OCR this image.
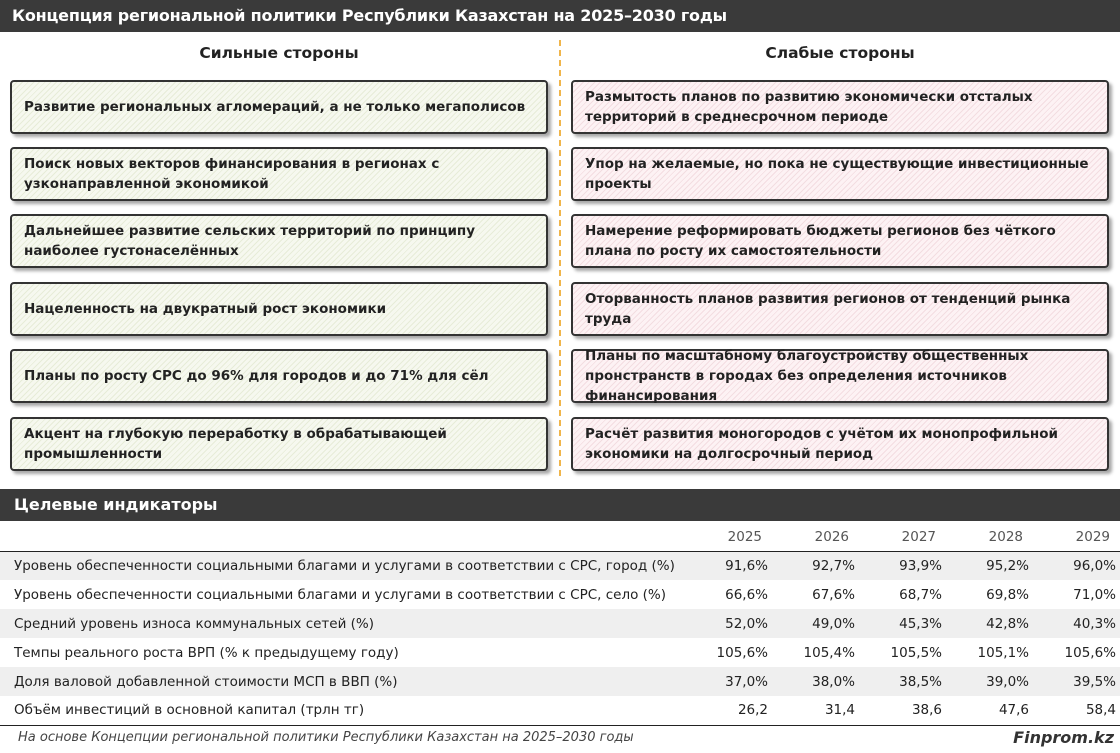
Концепция региональной политики Республики Казахстан на 2025–2030 годы
Сильные стороны	Слабые стороны
Развитие региональных агломераций, а не только мегаполисов
Поиск новых векторов финансирования в регионах с узконаправленной экономикой
Дальнейшее развитие сельских территорий по принципу наиболее густонаселённых
Нацеленность на двукратный рост экономики
Планы по росту СРС до 96% для городов и до 71% для сёл
Акцент на глубокую переработку в обрабатывающей промышленности
Размытость планов по развитию экономически отсталых территорий в среднесрочном периоде
Упор на желаемые, но пока не существующие инвестиционные проекты
Намерение реформировать бюджеты регионов без чёткого плана по росту их самостоятельности
Оторванность планов развития регионов от тенденций рынка труда
Планы по масштабному благоустройству общественных пронстранств в городах без определения источников финансирования
Расчёт развития моногородов с учётом их монопрофильной экономики на долгосрочный период
Целевые индикаторы
	2025	2026	2027	2028	2029
Уровень обеспеченности социальными благами и услугами в соответствии с СРС, город (%)	91,6%	92,7%	93,9%	95,2%	96,0%
Уровень обеспеченности социальными благами и услугами в соответствии с СРС, село (%)	66,6%	67,6%	68,7%	69,8%	71,0%
Средний уровень износа коммунальных сетей (%)	52,0%	49,0%	45,3%	42,8%	40,3%
Темпы реального роста ВРП (% к предыдущему году)	105,6%	105,4%	105,5%	105,1%	105,6%
Доля валовой добавленной стоимости МСП в ВВП (%)	37,0%	38,0%	38,5%	39,0%	39,5%
Объём инвестиций в основной капитал (трлн тг)	26,2	31,4	38,6	47,6	58,4
На основе Концепции региональной политики Республики Казахстан на 2025–2030 годы	Finprom.kz
